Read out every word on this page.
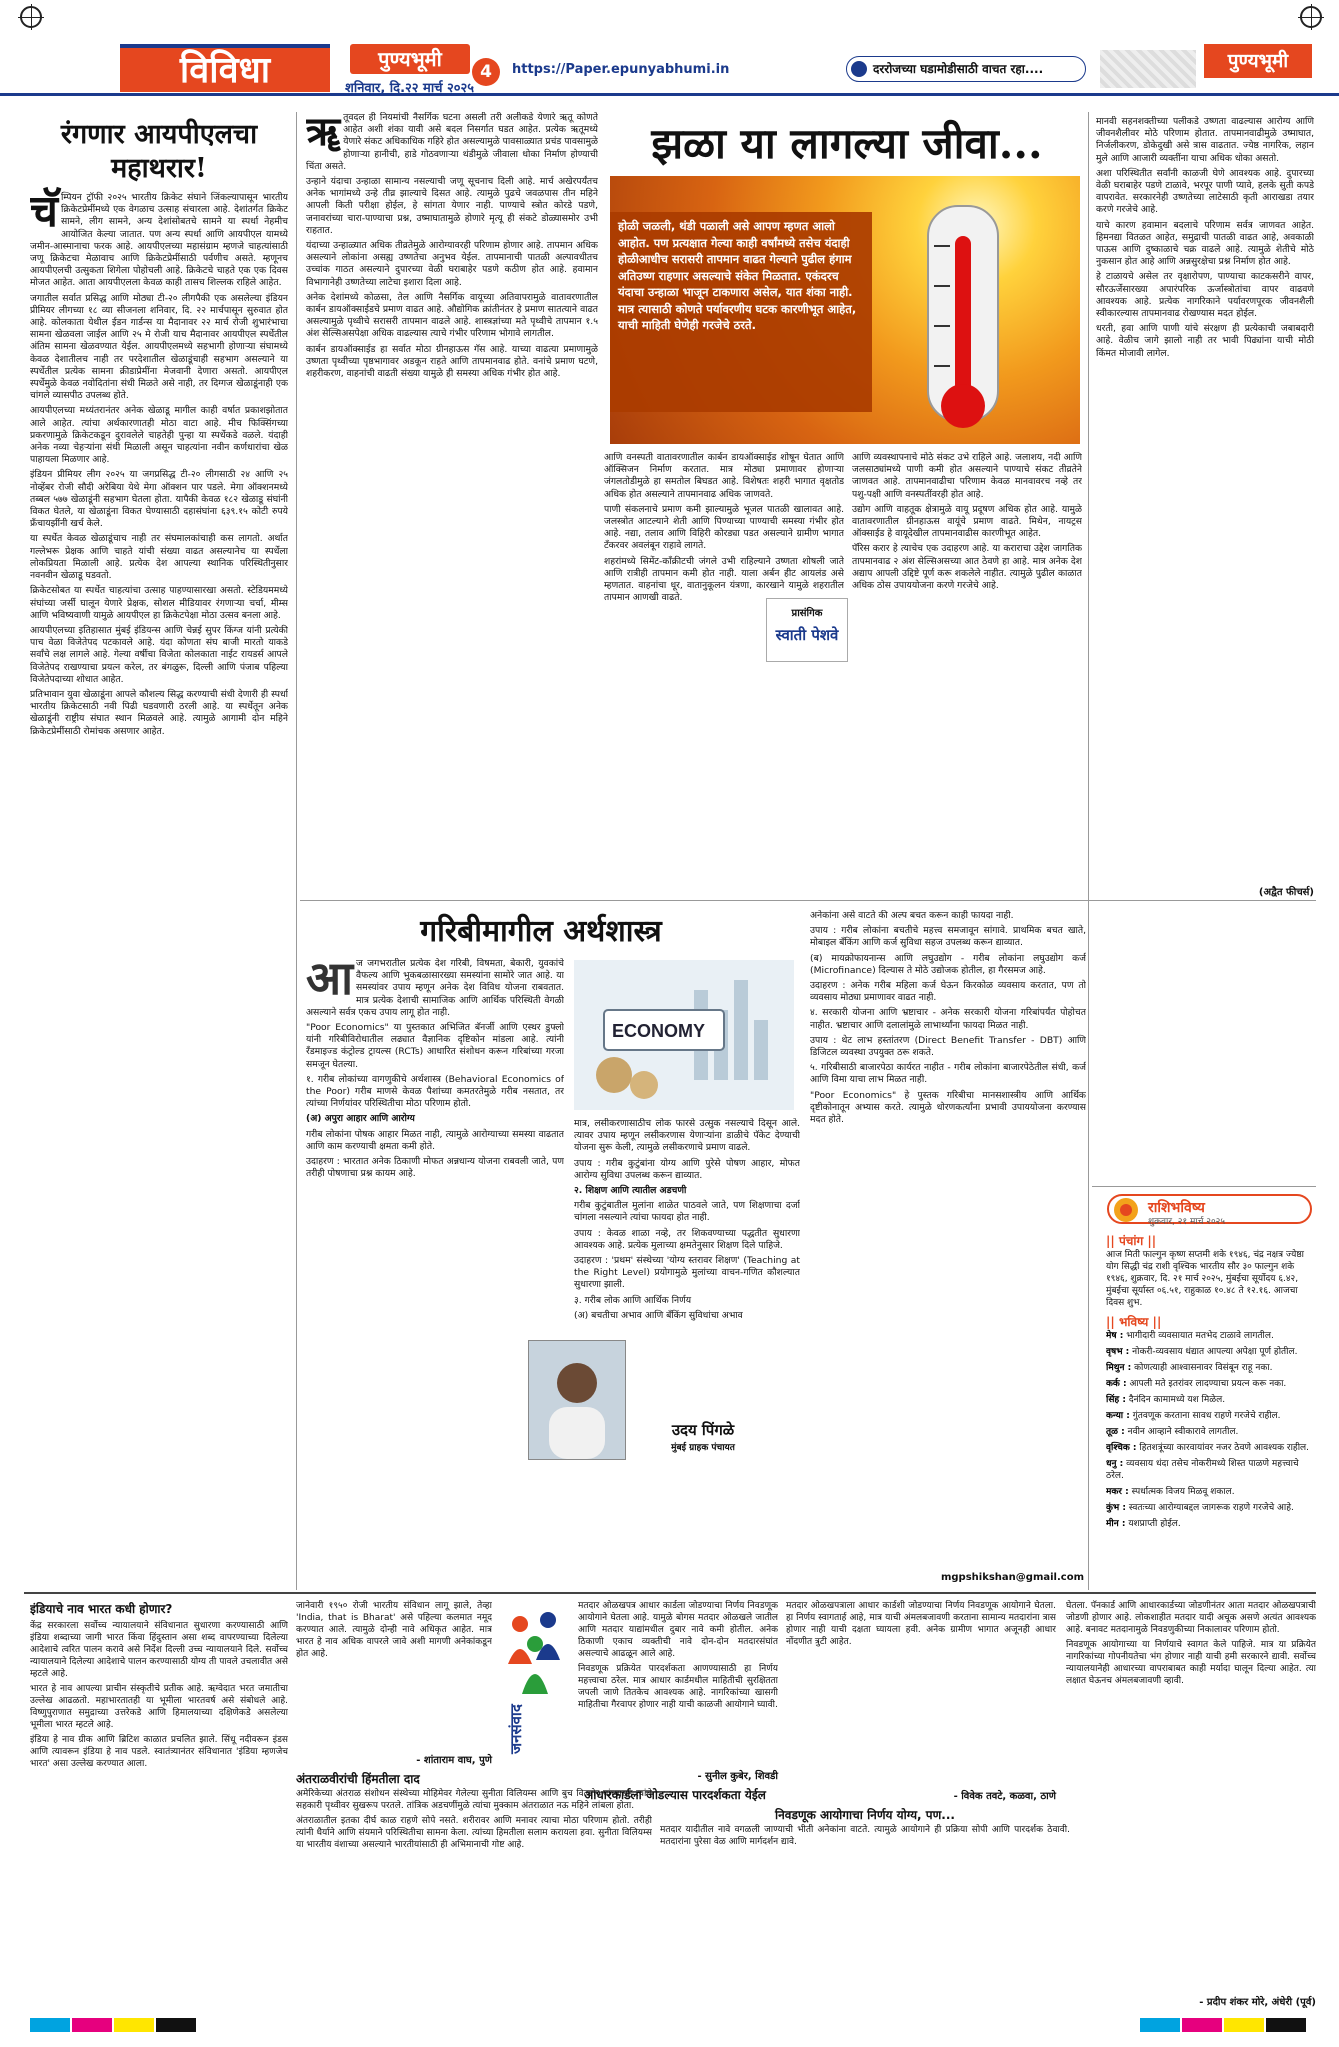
विविधा	पुण्यभूमी
4
शनिवार, दि.२२ मार्च २०२५
https://Paper.epunyabhumi.in	दररोजच्या घडामोडीसाठी वाचत रहा....	पुण्यभूमी
रंगणार आयपीएलचा
महाथरार!
चॅ म्पियन ट्रॉफी २०२५ भारतीय क्रिकेट संघाने जिंकल्यापासून भारतीय क्रिकेटप्रेमींमध्ये एक वेगळाच उत्साह संचारला आहे. देशांतर्गत क्रिकेट सामने, लीग सामने, अन्य देशांसोबतचे सामने या स्पर्धा नेहमीच आयोजित केल्या जातात. पण अन्य स्पर्धा आणि आयपीएल यामध्ये जमीन-आस्मानाचा फरक आहे. आयपीएलच्या महासंग्राम म्हणजे चाहत्यांसाठी जणू क्रिकेटचा मेळावाच आणि क्रिकेटप्रेमींसाठी पर्वणीच असते. म्हणूनच आयपीएलची उत्सुकता शिगेला पोहोचली आहे. क्रिकेटचे चाहते एक एक दिवस मोजत आहेत. आता आयपीएलला केवळ काही तासच शिल्लक राहिले आहेत.

जगातील सर्वात प्रसिद्ध आणि मोठ्या टी-२० लीगपैकी एक असलेल्या इंडियन प्रीमियर लीगच्या १८ व्या सीजनला शनिवार, दि. २२ मार्चपासून सुरुवात होत आहे. कोलकाता येथील ईडन गार्डन्स या मैदानावर २२ मार्च रोजी शुभारंभाचा सामना खेळवला जाईल आणि २५ मे रोजी याच मैदानावर आयपीएल स्पर्धेतील अंतिम सामना खेळवण्यात येईल. आयपीएलमध्ये सहभागी होणाऱ्या संघामध्ये केवळ देशातीलच नाही तर परदेशातील खेळाडूंचाही सहभाग असल्याने या स्पर्धेतील प्रत्येक सामना क्रीडाप्रेमींना मेजवानी देणारा असतो. आयपीएल स्पर्धेमुळे केवळ नवोदितांना संधी मिळते असे नाही, तर दिग्गज खेळाडूंनाही एक चांगले व्यासपीठ उपलब्ध होते.

आयपीएलच्या मध्यंतरानंतर अनेक खेळाडू मागील काही वर्षात प्रकाशझोतात आले आहेत. त्यांचा अर्थकारणातही मोठा वाटा आहे. मीच फिक्सिंगच्या प्रकरणामुळे क्रिकेटकडून दुरावलेले चाहतेही पुन्हा या स्पर्धेकडे वळले. यंदाही अनेक नव्या चेहऱ्यांना संधी मिळाली असून चाहत्यांना नवीन कर्णधारांचा खेळ पाहायला मिळणार आहे.

इंडियन प्रीमियर लीग २०२५ या जगप्रसिद्ध टी-२० लीगसाठी २४ आणि २५ नोव्हेंबर रोजी सौदी अरेबिया येथे मेगा ऑक्शन पार पडले. मेगा ऑक्शनमध्ये तब्बल ५७७ खेळाडूंनी सहभाग घेतला होता. यापैकी केवळ १८२ खेळाडू संघांनी विकत घेतले, या खेळाडूंना विकत घेण्यासाठी दहासंघांना ६३९.१५ कोटी रुपये फ्रँचायझींनी खर्च केले.

या स्पर्धेत केवळ खेळाडूंचाच नाही तर संघमालकांचाही कस लागतो. अर्थात गल्लेभरू प्रेक्षक आणि चाहते यांची संख्या वाढत असल्यानेच या स्पर्धेला लोकप्रियता मिळाली आहे. प्रत्येक देश आपल्या स्थानिक परिस्थितीनुसार नवनवीन खेळाडू घडवतो.

क्रिकेटसोबत या स्पर्धेत चाहत्यांचा उत्साह पाहण्यासारखा असतो. स्टेडियममध्ये संघांच्या जर्सी घालून येणारे प्रेक्षक, सोशल मीडियावर रंगणाऱ्या चर्चा, मीम्स आणि भविष्यवाणी यामुळे आयपीएल हा क्रिकेटपेक्षा मोठा उत्सव बनला आहे.

आयपीएलच्या इतिहासात मुंबई इंडियन्स आणि चेन्नई सुपर किंग्ज यांनी प्रत्येकी पाच वेळा विजेतेपद पटकावले आहे. यंदा कोणता संघ बाजी मारतो याकडे सर्वांचे लक्ष लागले आहे. गेल्या वर्षीचा विजेता कोलकाता नाईट रायडर्स आपले विजेतेपद राखण्याचा प्रयत्न करेल, तर बंगळुरू, दिल्ली आणि पंजाब पहिल्या विजेतेपदाच्या शोधात आहेत.

प्रतिभावान युवा खेळाडूंना आपले कौशल्य सिद्ध करण्याची संधी देणारी ही स्पर्धा भारतीय क्रिकेटसाठी नवी पिढी घडवणारी ठरली आहे. या स्पर्धेतून अनेक खेळाडूंनी राष्ट्रीय संघात स्थान मिळवले आहे. त्यामुळे आगामी दोन महिने क्रिकेटप्रेमींसाठी रोमांचक असणार आहेत.

ॠ तूवदल ही नियमांची नैसर्गिक घटना असली तरी अलीकडे येणारे ऋतू कोणते आहेत अशी शंका यावी असे बदल निसर्गात घडत आहेत. प्रत्येक ऋतूमध्ये येणारे संकट अधिकाधिक गहिरे होत असल्यामुळे पावसाळ्यात प्रचंड पावसामुळे होणाऱ्या हानीची, हाडे गोठवणाऱ्या थंडीमुळे जीवाला धोका निर्माण होण्याची चिंता असते.

उन्हाने यंदाचा उन्हाळा सामान्य नसल्याची जणू सूचनाच दिली आहे. मार्च अखेरपर्यंतच अनेक भागांमध्ये उन्हे तीव्र झाल्याचे दिसत आहे. त्यामुळे पुढचे जवळपास तीन महिने आपली किती परीक्षा होईल, हे सांगता येणार नाही. पाण्याचे स्त्रोत कोरडे पडणे, जनावरांच्या चारा-पाण्याचा प्रश्न, उष्माघातामुळे होणारे मृत्यू ही संकटे डोळ्यासमोर उभी राहतात.

यंदाच्या उन्हाळ्यात अधिक तीव्रतेमुळे आरोग्यावरही परिणाम होणार आहे. तापमान अधिक असल्याने लोकांना असह्य उष्णतेचा अनुभव येईल. तापमानाची पातळी अल्पावधीतच उच्चांक गाठत असल्याने दुपारच्या वेळी घराबाहेर पडणे कठीण होत आहे. हवामान विभागानेही उष्णतेच्या लाटेचा इशारा दिला आहे.

अनेक देशांमध्ये कोळसा, तेल आणि नैसर्गिक वायूच्या अतिवापरामुळे वातावरणातील कार्बन डायऑक्साईडचे प्रमाण वाढत आहे. औद्योगिक क्रांतीनंतर हे प्रमाण सातत्याने वाढत असल्यामुळे पृथ्वीचे सरासरी तापमान वाढले आहे. शास्त्रज्ञांच्या मते पृथ्वीचे तापमान १.५ अंश सेल्सिअसपेक्षा अधिक वाढल्यास त्याचे गंभीर परिणाम भोगावे लागतील.

कार्बन डायऑक्साईड हा सर्वात मोठा ग्रीनहाऊस गॅस आहे. याच्या वाढत्या प्रमाणामुळे उष्णता पृथ्वीच्या पृष्ठभागावर अडकून राहते आणि तापमानवाढ होते. वनांचे प्रमाण घटणे, शहरीकरण, वाहनांची वाढती संख्या यामुळे ही समस्या अधिक गंभीर होत आहे.

झळा या लागल्या जीवा...
होळी जळली, थंडी पळाली असे आपण म्हणत आलो आहोत. पण प्रत्यक्षात गेल्या काही वर्षांमध्ये तसेच यंदाही होळीआधीच सरासरी तापमान वाढत गेल्याने पुढील हंगाम अतिउष्ण राहणार असल्याचे संकेत मिळतात. एकंदरच यंदाचा उन्हाळा भाजून टाकणारा असेल, यात शंका नाही. मात्र त्यासाठी कोणते पर्यावरणीय घटक कारणीभूत आहेत, याची माहिती घेणेही गरजेचे ठरते.

आणि वनस्पती वातावरणातील कार्बन डायऑक्साईड शोषून घेतात आणि ऑक्सिजन निर्माण करतात. मात्र मोठ्या प्रमाणावर होणाऱ्या जंगलतोडीमुळे हा समतोल बिघडत आहे. विशेषतः शहरी भागात वृक्षतोड अधिक होत असल्याने तापमानवाढ अधिक जाणवते.

पाणी संकलनाचे प्रमाण कमी झाल्यामुळे भूजल पातळी खालावत आहे. जलस्त्रोत आटल्याने शेती आणि पिण्याच्या पाण्याची समस्या गंभीर होत आहे. नद्या, तलाव आणि विहिरी कोरड्या पडत असल्याने ग्रामीण भागात टँकरवर अवलंबून राहावे लागते.

शहरांमध्ये सिमेंट-काँक्रीटची जंगले उभी राहिल्याने उष्णता शोषली जाते आणि रात्रीही तापमान कमी होत नाही. याला अर्बन हीट आयलंड असे म्हणतात. वाहनांचा धूर, वातानुकूलन यंत्रणा, कारखाने यामुळे शहरातील तापमान आणखी वाढते.

प्रासंगिक
स्वाती पेशवे

आणि व्यवस्थापनाचे मोठे संकट उभे राहिले आहे. जलाशय, नदी आणि जलसाठ्यांमध्ये पाणी कमी होत असल्याने पाण्याचे संकट तीव्रतेने जाणवत आहे. तापमानवाढीचा परिणाम केवळ मानवावरच नव्हे तर पशु-पक्षी आणि वनस्पतींवरही होत आहे.

उद्योग आणि वाहतूक क्षेत्रामुळे वायू प्रदूषण अधिक होत आहे. यामुळे वातावरणातील ग्रीनहाऊस वायूंचे प्रमाण वाढते. मिथेन, नायट्रस ऑक्साईड हे वायूदेखील तापमानवाढीस कारणीभूत आहेत.

पॅरिस करार हे त्याचेच एक उदाहरण आहे. या कराराचा उद्देश जागतिक तापमानवाढ २ अंश सेल्सिअसच्या आत ठेवणे हा आहे. मात्र अनेक देश अद्याप आपली उद्दिष्टे पूर्ण करू शकलेले नाहीत. त्यामुळे पुढील काळात अधिक ठोस उपाययोजना करणे गरजेचे आहे.

मानवी सहनशक्तीच्या पलीकडे उष्णता वाढल्यास आरोग्य आणि जीवनशैलीवर मोठे परिणाम होतात. तापमानवाढीमुळे उष्माघात, निर्जलीकरण, डोकेदुखी असे त्रास वाढतात. ज्येष्ठ नागरिक, लहान मुले आणि आजारी व्यक्तींना याचा अधिक धोका असतो.

अशा परिस्थितीत सर्वांनी काळजी घेणे आवश्यक आहे. दुपारच्या वेळी घराबाहेर पडणे टाळावे, भरपूर पाणी प्यावे, हलके सुती कपडे वापरावेत. सरकारनेही उष्णतेच्या लाटेसाठी कृती आराखडा तयार करणे गरजेचे आहे.

याचे कारण हवामान बदलाचे परिणाम सर्वत्र जाणवत आहेत. हिमनद्या वितळत आहेत, समुद्राची पातळी वाढत आहे, अवकाळी पाऊस आणि दुष्काळाचे चक्र वाढले आहे. त्यामुळे शेतीचे मोठे नुकसान होत आहे आणि अन्नसुरक्षेचा प्रश्न निर्माण होत आहे.

हे टाळायचे असेल तर वृक्षारोपण, पाण्याचा काटकसरीने वापर, सौरऊर्जेसारख्या अपारंपरिक ऊर्जास्त्रोतांचा वापर वाढवणे आवश्यक आहे. प्रत्येक नागरिकाने पर्यावरणपूरक जीवनशैली स्वीकारल्यास तापमानवाढ रोखण्यास मदत होईल.

धरती, हवा आणि पाणी यांचे संरक्षण ही प्रत्येकाची जबाबदारी आहे. वेळीच जागे झालो नाही तर भावी पिढ्यांना याची मोठी किंमत मोजावी लागेल.

(अद्वैत फीचर्स)
गरिबीमागील अर्थशास्त्र
आ ज जगभरातील प्रत्येक देश गरिबी, विषमता, बेकारी, युवकांचे वैफल्य आणि भुकबळासारख्या समस्यांना सामोरे जात आहे. या समस्यांवर उपाय म्हणून अनेक देश विविध योजना राबवतात. मात्र प्रत्येक देशाची सामाजिक आणि आर्थिक परिस्थिती वेगळी असल्याने सर्वत्र एकच उपाय लागू होत नाही.

"Poor Economics" या पुस्तकात अभिजित बॅनर्जी आणि एस्थर डुफ्लो यांनी गरिबीविरोधातील लढ्यात वैज्ञानिक दृष्टिकोन मांडला आहे. त्यांनी रँडमाइज्ड कंट्रोल्ड ट्रायल्स (RCTs) आधारित संशोधन करून गरिबांच्या गरजा समजून घेतल्या.

१. गरीब लोकांच्या वागणुकीचे अर्थशास्त्र (Behavioral Economics of the Poor) गरीब माणसे केवळ पैशांच्या कमतरतेमुळे गरीब नसतात, तर त्यांच्या निर्णयांवर परिस्थितीचा मोठा परिणाम होतो.

(अ) अपुरा आहार आणि आरोग्य

गरीब लोकांना पोषक आहार मिळत नाही, त्यामुळे आरोग्याच्या समस्या वाढतात आणि काम करण्याची क्षमता कमी होते.

उदाहरण : भारतात अनेक ठिकाणी मोफत अन्नधान्य योजना राबवली जाते, पण तरीही पोषणाचा प्रश्न कायम आहे.

ECONOMY

मात्र, लसीकरणासाठीच लोक फारसे उत्सुक नसल्याचे दिसून आले. त्यावर उपाय म्हणून लसीकरणास येणाऱ्यांना डाळीचे पॅकेट देण्याची योजना सुरू केली, त्यामुळे लसीकरणाचे प्रमाण वाढले.

उपाय : गरीब कुटुंबांना योग्य आणि पुरेसे पोषण आहार, मोफत आरोग्य सुविधा उपलब्ध करून द्याव्यात.

२. शिक्षण आणि त्यातील अडचणी

गरीब कुटुंबातील मुलांना शाळेत पाठवले जाते, पण शिक्षणाचा दर्जा चांगला नसल्याने त्यांचा फायदा होत नाही.

उपाय : केवळ शाळा नव्हे, तर शिकवण्याच्या पद्धतीत सुधारणा आवश्यक आहे. प्रत्येक मुलाच्या क्षमतेनुसार शिक्षण दिले पाहिजे.

उदाहरण : 'प्रथम' संस्थेच्या 'योग्य स्तरावर शिक्षण' (Teaching at the Right Level) प्रयोगामुळे मुलांच्या वाचन-गणित कौशल्यात सुधारणा झाली.

३. गरीब लोक आणि आर्थिक निर्णय

(अ) बचतीचा अभाव आणि बँकिंग सुविधांचा अभाव

उदय पिंगळे
मुंबई ग्राहक पंचायत

अनेकांना असे वाटते की अल्प बचत करून काही फायदा नाही.

उपाय : गरीब लोकांना बचतीचे महत्त्व समजावून सांगावे. प्राथमिक बचत खाते, मोबाइल बँकिंग आणि कर्ज सुविधा सहज उपलब्ध करून द्याव्यात.

(ब) मायक्रोफायनान्स आणि लघुउद्योग - गरीब लोकांना लघुउद्योग कर्ज (Microfinance) दिल्यास ते मोठे उद्योजक होतील, हा गैरसमज आहे.

उदाहरण : अनेक गरीब महिला कर्ज घेऊन किरकोळ व्यवसाय करतात, पण तो व्यवसाय मोठ्या प्रमाणावर वाढत नाही.

४. सरकारी योजना आणि भ्रष्टाचार - अनेक सरकारी योजना गरिबांपर्यंत पोहोचत नाहीत. भ्रष्टाचार आणि दलालांमुळे लाभार्थ्यांना फायदा मिळत नाही.

उपाय : थेट लाभ हस्तांतरण (Direct Benefit Transfer - DBT) आणि डिजिटल व्यवस्था उपयुक्त ठरू शकते.

५. गरिबीसाठी बाजारपेठा कार्यरत नाहीत - गरीब लोकांना बाजारपेठेतील संधी, कर्ज आणि विमा याचा लाभ मिळत नाही.

"Poor Economics" हे पुस्तक गरिबीचा मानसशास्त्रीय आणि आर्थिक दृष्टीकोनातून अभ्यास करते. त्यामुळे धोरणकर्त्यांना प्रभावी उपाययोजना करण्यास मदत होते.

mgpshikshan@gmail.com
राशिभविष्य
शुक्रवार, २१ मार्च २०२५
|| पंचांग ||

आज मिती फाल्गुन कृष्ण सप्तमी शके १९४६, चंद्र नक्षत्र ज्येष्ठा योग सिद्धी चंद्र राशी वृश्चिक भारतीय सौर ३० फाल्गुन शके १९४६, शुक्रवार, दि. २१ मार्च २०२५, मुंबईचा सूर्योदय ६.४२, मुंबईचा सूर्यास्त ०६.५१, राहुकाळ १०.४८ ते १२.१६. आजचा दिवस शुभ.

|| भविष्य ||

मेष : भागीदारी व्यवसायात मतभेद टाळावे लागतील.

वृषभ : नोकरी-व्यवसाय धंद्यात आपल्या अपेक्षा पूर्ण होतील.

मिथुन : कोणत्याही आश्वासनावर विसंबून राहू नका.

कर्क : आपली मते इतरांवर लादण्याचा प्रयत्न करू नका.

सिंह : दैनंदिन कामामध्ये यश मिळेल.

कन्या : गुंतवणूक करताना सावध राहणे गरजेचे राहील.

तूळ : नवीन आव्हाने स्वीकारावे लागतील.

वृश्चिक : हितशत्रूंच्या कारवायांवर नजर ठेवणे आवश्यक राहील.

धनु : व्यवसाय धंदा तसेच नोकरीमध्ये शिस्त पाळणे महत्त्वाचे ठरेल.

मकर : स्पर्धात्मक विजय मिळवू शकाल.

कुंभ : स्वतःच्या आरोग्याबद्दल जागरूक राहणे गरजेचे आहे.

मीन : यशप्राप्ती होईल.

इंडियाचे नाव भारत कधी होणार?

केंद्र सरकारला सर्वोच्च न्यायालयाने संविधानात सुधारणा करण्यासाठी आणि इंडिया शब्दाच्या जागी भारत किंवा हिंदुस्तान असा शब्द वापरण्याच्या दिलेल्या आदेशाचे त्वरित पालन करावे असे निर्देश दिल्ली उच्च न्यायालयाने दिले. सर्वोच्च न्यायालयाने दिलेल्या आदेशाचे पालन करण्यासाठी योग्य ती पावले उचलावीत असे म्हटले आहे.

भारत हे नाव आपल्या प्राचीन संस्कृतीचे प्रतीक आहे. ऋग्वेदात भरत जमातीचा उल्लेख आढळतो. महाभारतातही या भूमीला भारतवर्ष असे संबोधले आहे. विष्णुपुराणात समुद्राच्या उत्तरेकडे आणि हिमालयाच्या दक्षिणेकडे असलेल्या भूमीला भारत म्हटले आहे.

इंडिया हे नाव ग्रीक आणि ब्रिटिश काळात प्रचलित झाले. सिंधू नदीवरून इंडस आणि त्यावरून इंडिया हे नाव पडले. स्वातंत्र्यानंतर संविधानात 'इंडिया म्हणजेच भारत' असा उल्लेख करण्यात आला.

जानेवारी १९५० रोजी भारतीय संविधान लागू झाले, तेव्हा 'India, that is Bharat' असे पहिल्या कलमात नमूद करण्यात आले. त्यामुळे दोन्ही नावे अधिकृत आहेत. मात्र भारत हे नाव अधिक वापरले जावे अशी मागणी अनेकांकडून होत आहे.

- शांताराम वाघ, पुणे
अंतराळवीरांची हिंमतीला दाद

अमेरिकेच्या अंतराळ संशोधन संस्थेच्या मोहिमेवर गेलेल्या सुनीता विलियम्स आणि बुच विल्मोर यांच्यासह त्यांचे सहकारी पृथ्वीवर सुखरूप परतले. तांत्रिक अडचणींमुळे त्यांचा मुक्काम अंतराळात नऊ महिने लांबला होता.

अंतराळातील इतका दीर्घ काळ राहणे सोपे नसते. शरीरावर आणि मनावर त्याचा मोठा परिणाम होतो. तरीही त्यांनी धैर्याने आणि संयमाने परिस्थितीचा सामना केला. त्यांच्या हिमतीला सलाम करायला हवा. सुनीता विलियम्स या भारतीय वंशाच्या असल्याने भारतीयांसाठी ही अभिमानाची गोष्ट आहे.

जनसंवाद

मतदार ओळखपत्र आधार कार्डला जोडण्याचा निर्णय निवडणूक आयोगाने घेतला आहे. यामुळे बोगस मतदार ओळखले जातील आणि मतदार याद्यांमधील दुबार नावे कमी होतील. अनेक ठिकाणी एकाच व्यक्तीची नावे दोन-दोन मतदारसंघांत असल्याचे आढळून आले आहे.

निवडणूक प्रक्रियेत पारदर्शकता आणण्यासाठी हा निर्णय महत्त्वाचा ठरेल. मात्र आधार कार्डमधील माहितीची सुरक्षितता जपली जाणे तितकेच आवश्यक आहे. नागरिकांच्या खासगी माहितीचा गैरवापर होणार नाही याची काळजी आयोगाने घ्यावी.

- सुनील कुबेर, शिवडी
आधारकार्डला जोडल्यास पारदर्शकता येईल

मतदार ओळखपत्राला आधार कार्डशी जोडण्याचा निर्णय निवडणूक आयोगाने घेतला. हा निर्णय स्वागतार्ह आहे, मात्र याची अंमलबजावणी करताना सामान्य मतदारांना त्रास होणार नाही याची दक्षता घ्यायला हवी. अनेक ग्रामीण भागात अजूनही आधार नोंदणीत त्रुटी आहेत.

- विवेक तवटे, कळवा, ठाणे
निवडणूक आयोगाचा निर्णय योग्य, पण...

मतदार यादीतील नावे वगळली जाण्याची भीती अनेकांना वाटते. त्यामुळे आयोगाने ही प्रक्रिया सोपी आणि पारदर्शक ठेवावी. मतदारांना पुरेसा वेळ आणि मार्गदर्शन द्यावे.

घेतला. पॅनकार्ड आणि आधारकार्डच्या जोडणीनंतर आता मतदार ओळखपत्राची जोडणी होणार आहे. लोकशाहीत मतदार यादी अचूक असणे अत्यंत आवश्यक आहे. बनावट मतदानामुळे निवडणुकीच्या निकालावर परिणाम होतो.

निवडणूक आयोगाच्या या निर्णयाचे स्वागत केले पाहिजे. मात्र या प्रक्रियेत नागरिकांच्या गोपनीयतेचा भंग होणार नाही याची हमी सरकारने द्यावी. सर्वोच्च न्यायालयानेही आधारच्या वापराबाबत काही मर्यादा घालून दिल्या आहेत. त्या लक्षात घेऊनच अंमलबजावणी व्हावी.

- प्रदीप शंकर मोरे, अंधेरी (पूर्व)
